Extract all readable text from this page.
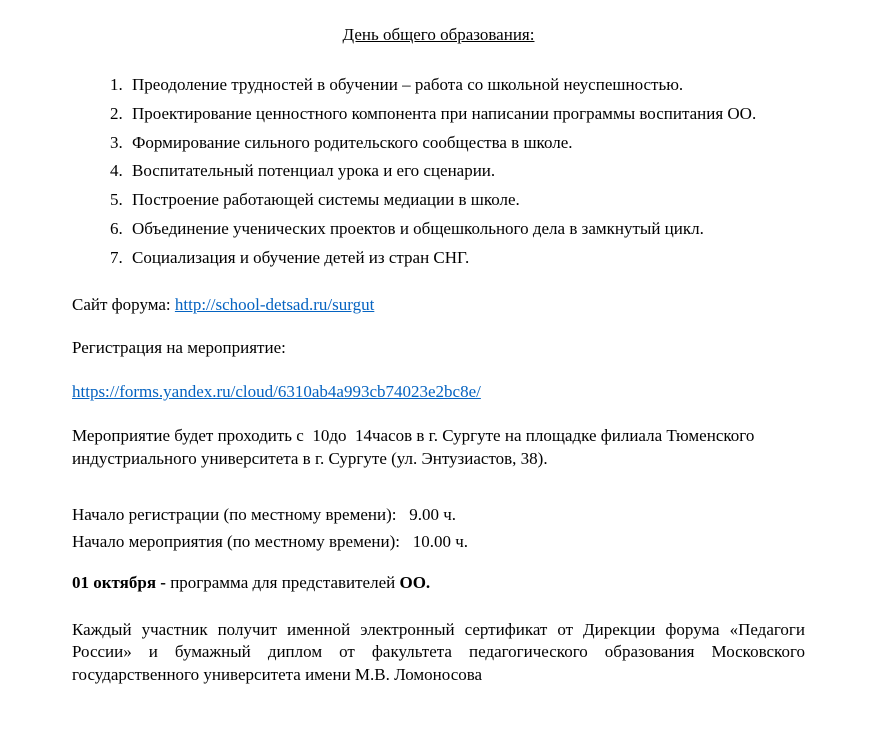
День общего образования:
1. Преодоление трудностей в обучении – работа со школьной неуспешностью.
2. Проектирование ценностного компонента при написании программы воспитания ОО.
3. Формирование сильного родительского сообщества в школе.
4. Воспитательный потенциал урока и его сценарии.
5. Построение работающей системы медиации в школе.
6. Объединение ученических проектов и общешкольного дела в замкнутый цикл.
7. Социализация и обучение детей из стран СНГ.

Сайт форума: http://school-detsad.ru/surgut

Регистрация на мероприятие:

https://forms.yandex.ru/cloud/6310ab4a993cb74023e2bc8e/

Мероприятие будет проходить с  10до  14часов в г. Сургуте на площадке филиала Тюменского индустриального университета в г. Сургуте (ул. Энтузиастов, 38).

Начало регистрации (по местному времени):   9.00 ч.

Начало мероприятия (по местному времени):   10.00 ч.

01 октября - программа для представителей ОО.

Каждый участник получит именной электронный сертификат от Дирекции форума «Педагоги России» и бумажный диплом от факультета педагогического образования Московского государственного университета имени М.В. Ломоносова
